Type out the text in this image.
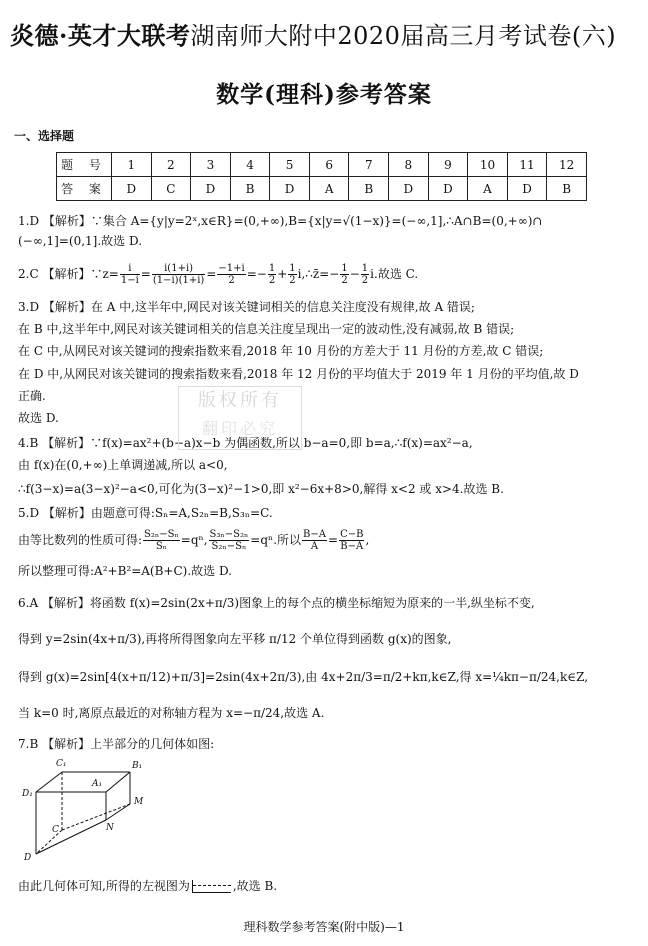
炎德·英才大联考湖南师大附中2020届高三月考试卷(六)
数学(理科)参考答案
一、选择题
题 号	1	2	3	4	5	6	7	8	9	10	11	12
答 案	D	C	D	B	D	A	B	D	D	A	D	B
1.D 【解析】∵集合 A={y|y=2ˣ,x∈R}=(0,+∞),B={x|y=√(1−x)}=(−∞,1],∴A∩B=(0,+∞)∩
(−∞,1]=(0,1].故选 D.
2.C 【解析】∵z= $\frac{i}{1-i} = \frac{i(1+i)}{(1-i)(1+i)} = \frac{-1+i}{2} =- \frac{1}{2} + \frac{1}{2}$ i,∴z̄=− $\frac{1}{2} - \frac{1}{2} i$.故选 C.
3.D 【解析】在 A 中,这半年中,网民对该关键词相关的信息关注度没有规律,故 A 错误;
在 B 中,这半年中,网民对该关键词相关的信息关注度呈现出一定的波动性,没有减弱,故 B 错误;
在 C 中,从网民对该关键词的搜索指数来看,2018 年 10 月份的方差大于 11 月份的方差,故 C 错误;
在 D 中,从网民对该关键词的搜索指数来看,2018 年 12 月份的平均值大于 2019 年 1 月份的平均值,故 D
正确.
故选 D.
4.B 【解析】∵f(x)=ax²+(b−a)x−b 为偶函数,所以 b−a=0,即 b=a,∴f(x)=ax²−a,
由 f(x)在(0,+∞)上单调递减,所以 a<0,
∴f(3−x)=a(3−x)²−a<0,可化为(3−x)²−1>0,即 x²−6x+8>0,解得 x<2 或 x>4.故选 B.
5.D 【解析】由题意可得:Sₙ=A,S₂ₙ=B,S₃ₙ=C.
由等比数列的性质可得: $\frac{\text{S₂ₙ−Sₙ}}{\text{Sₙ}} =q^n$, $\frac{\text{S₃ₙ−S₂ₙ}}{\text{S₂ₙ−Sₙ}} =q^n$.所以 $\frac{B-A}{A} = \frac{C-B}{B-A}$ ,
所以整理可得:A²+B²=A(B+C).故选 D.
6.A 【解析】将函数 f(x)=2sin(2x+π/3)图象上的每个点的横坐标缩短为原来的一半,纵坐标不变,
得到 y=2sin(4x+π/3),再将所得图象向左平移 π/12 个单位得到函数 g(x)的图象,
得到 g(x)=2sin[4(x+π/12)+π/3]=2sin(4x+2π/3),由 4x+2π/3=π/2+kπ,k∈Z,得 x=¼kπ−π/24,k∈Z,
当 k=0 时,离原点最近的对称轴方程为 x=−π/24,故选 A.
7.B 【解析】上半部分的几何体如图:
C₁	B₁
A₁
D₁
M
N
C
D
由此几何体可知,所得的左视图为	,故选 B.
版权所有
翻印必究
理科数学参考答案(附中版)—1
